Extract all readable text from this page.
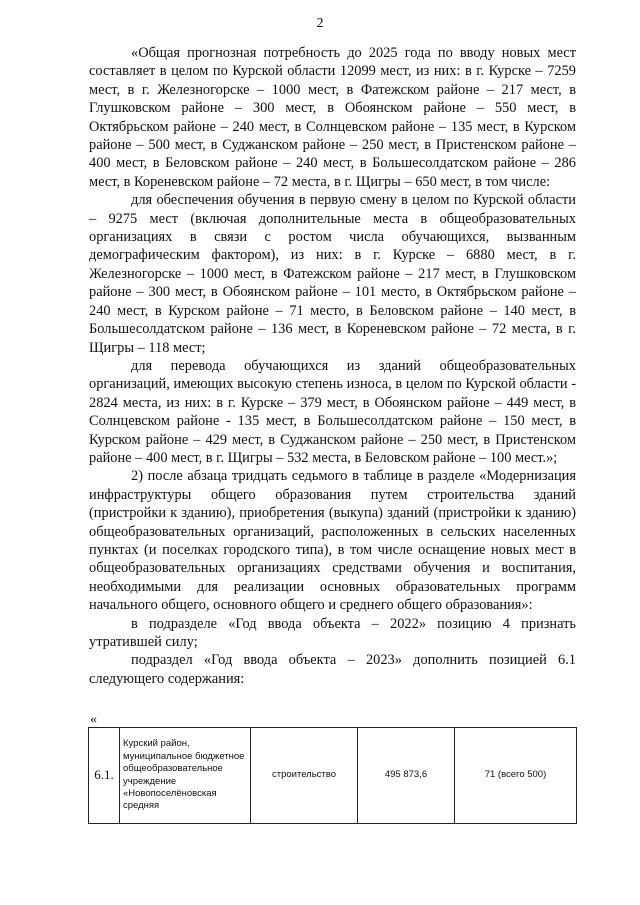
2

«Общая прогнозная потребность до 2025 года по вводу новых мест составляет в целом по Курской области 12099 мест, из них: в г. Курске – 7259 мест, в г. Железногорске – 1000 мест, в Фатежском районе – 217 мест, в Глушковском районе – 300 мест, в Обоянском районе – 550 мест, в Октябрьском районе – 240 мест, в Солнцевском районе – 135 мест, в Курском районе – 500 мест, в Суджанском районе – 250 мест, в Пристенском районе – 400 мест, в Беловском районе – 240 мест, в Большесолдатском районе – 286 мест, в Кореневском районе – 72 места, в г. Щигры – 650 мест, в том числе:

для обеспечения обучения в первую смену в целом по Курской области – 9275 мест (включая дополнительные места в общеобразовательных организациях в связи с ростом числа обучающихся, вызванным демографическим фактором), из них: в г. Курске – 6880 мест, в г. Железногорске – 1000 мест, в Фатежском районе – 217 мест, в Глушковском районе – 300 мест, в Обоянском районе – 101 место, в Октябрьском районе – 240 мест, в Курском районе – 71 место, в Беловском районе – 140 мест, в Большесолдатском районе – 136 мест, в Кореневском районе – 72 места, в г. Щигры – 118 мест;

для перевода обучающихся из зданий общеобразовательных организаций, имеющих высокую степень износа, в целом по Курской области - 2824 места, из них: в г. Курске – 379 мест, в Обоянском районе – 449 мест, в Солнцевском районе - 135 мест, в Большесолдатском районе – 150 мест, в Курском районе – 429 мест, в Суджанском районе – 250 мест, в Пристенском районе – 400 мест, в г. Щигры – 532 места, в Беловском районе – 100 мест.»;

2) после абзаца тридцать седьмого в таблице в разделе «Модернизация инфраструктуры общего образования путем строительства зданий (пристройки к зданию), приобретения (выкупа) зданий (пристройки к зданию) общеобразовательных организаций, расположенных в сельских населенных пунктах (и поселках городского типа), в том числе оснащение новых мест в общеобразовательных организациях средствами обучения и воспитания, необходимыми для реализации основных образовательных программ начального общего, основного общего и среднего общего образования»:

в подразделе «Год ввода объекта – 2022» позицию 4 признать утратившей силу;

подраздел «Год ввода объекта – 2023» дополнить позицией 6.1 следующего содержания:

«
6.1.	Курский район, муниципальное бюджетное общеобразовательное учреждение «Новопоселёновская средняя	строительство	495 873,6	71 (всего 500)
